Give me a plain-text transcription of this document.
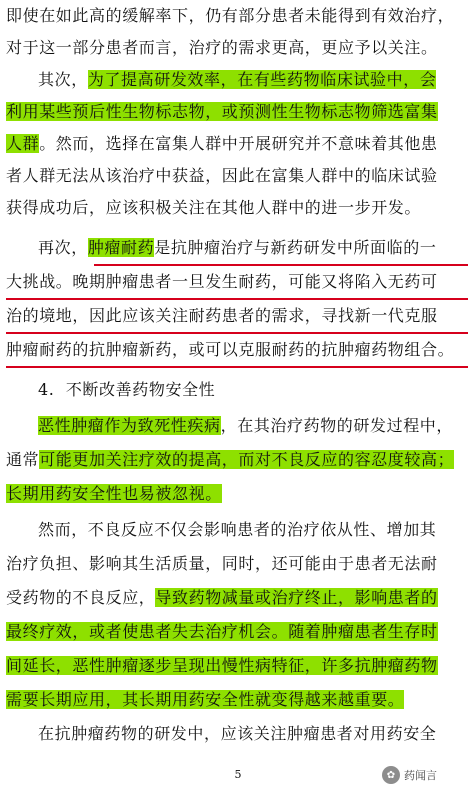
即使在如此高的缓解率下，仍有部分患者未能得到有效治疗，
对于这一部分患者而言，治疗的需求更高，更应予以关注。
其次，为了提高研发效率，在有些药物临床试验中，会
利用某些预后性生物标志物，或预测性生物标志物筛选富集
人群。然而，选择在富集人群中开展研究并不意味着其他患
者人群无法从该治疗中获益，因此在富集人群中的临床试验
获得成功后，应该积极关注在其他人群中的进一步开发。
再次，肿瘤耐药是抗肿瘤治疗与新药研发中所面临的一
大挑战。晚期肿瘤患者一旦发生耐药，可能又将陷入无药可
治的境地，因此应该关注耐药患者的需求，寻找新一代克服
肿瘤耐药的抗肿瘤新药，或可以克服耐药的抗肿瘤药物组合。
4.  不断改善药物安全性
恶性肿瘤作为致死性疾病，在其治疗药物的研发过程中，
通常可能更加关注疗效的提高，而对不良反应的容忍度较高；
长期用药安全性也易被忽视。
然而，不良反应不仅会影响患者的治疗依从性、增加其
治疗负担、影响其生活质量，同时，还可能由于患者无法耐
受药物的不良反应，导致药物减量或治疗终止，影响患者的
最终疗效，或者使患者失去治疗机会。随着肿瘤患者生存时
间延长，恶性肿瘤逐步呈现出慢性病特征，许多抗肿瘤药物
需要长期应用，其长期用药安全性就变得越来越重要。
在抗肿瘤药物的研发中，应该关注肿瘤患者对用药安全
5	✿ 药闻言
